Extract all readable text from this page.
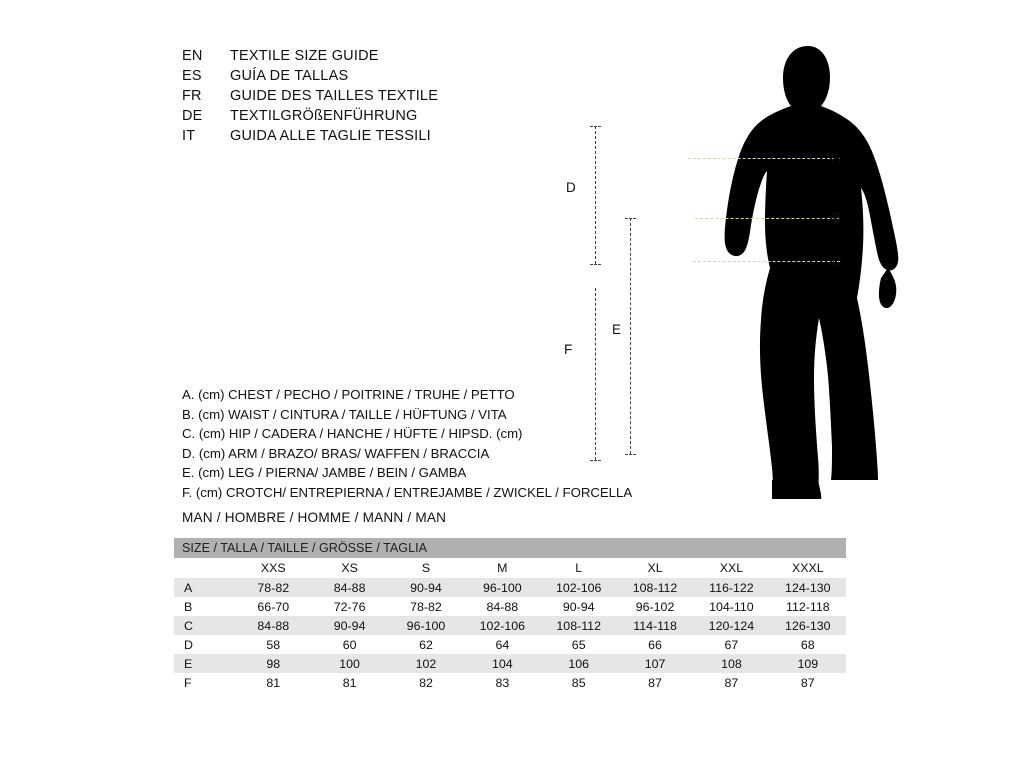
EN	TEXTILE SIZE GUIDE
ES	GUÍA DE TALLAS
FR	GUIDE DES TAILLES TEXTILE
DE	TEXTILGRÖßENFÜHRUNG
IT	GUIDA ALLE TAGLIE TESSILI
A. (cm) CHEST / PECHO / POITRINE / TRUHE / PETTO
B. (cm) WAIST / CINTURA / TAILLE / HÜFTUNG / VITA
C. (cm) HIP / CADERA / HANCHE / HÜFTE / HIPSD. (cm)
D. (cm) ARM / BRAZO/ BRAS/ WAFFEN / BRACCIA
E. (cm) LEG / PIERNA/ JAMBE / BEIN / GAMBA
F. (cm) CROTCH/ ENTREPIERNA / ENTREJAMBE / ZWICKEL / FORCELLA
MAN / HOMBRE / HOMME / MANN / MAN
A
B
C
D
E
F
SIZE / TALLA / TAILLE / GRÖSSE / TAGLIA								
	XXS	XS	S	M	L	XL	XXL	XXXL
A	78-82	84-88	90-94	96-100	102-106	108-112	116-122	124-130
B	66-70	72-76	78-82	84-88	90-94	96-102	104-110	112-118
C	84-88	90-94	96-100	102-106	108-112	114-118	120-124	126-130
D	58	60	62	64	65	66	67	68
E	98	100	102	104	106	107	108	109
F	81	81	82	83	85	87	87	87
